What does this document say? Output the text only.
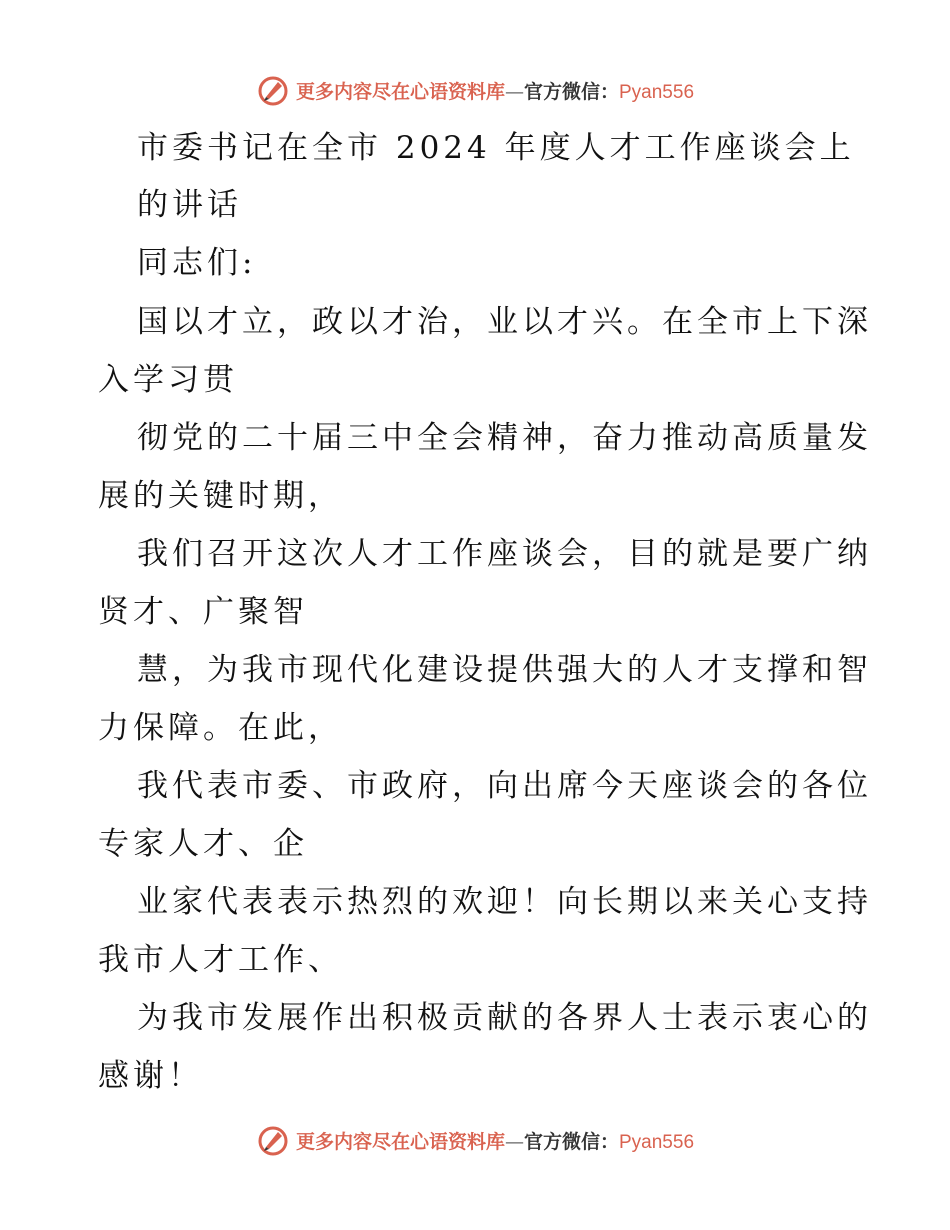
更多内容尽在心语资料库—官方微信：Pyan556
市委书记在全市 2024 年度人才工作座谈会上
的讲话
同志们:
国以才立，政以才治，业以才兴。在全市上下深
入学习贯
彻党的二十届三中全会精神，奋力推动高质量发
展的关键时期，
我们召开这次人才工作座谈会，目的就是要广纳
贤才、广聚智
慧，为我市现代化建设提供强大的人才支撑和智
力保障。在此，
我代表市委、市政府，向出席今天座谈会的各位
专家人才、企
业家代表表示热烈的欢迎！向长期以来关心支持
我市人才工作、
为我市发展作出积极贡献的各界人士表示衷心的
感谢！
更多内容尽在心语资料库—官方微信：Pyan556
